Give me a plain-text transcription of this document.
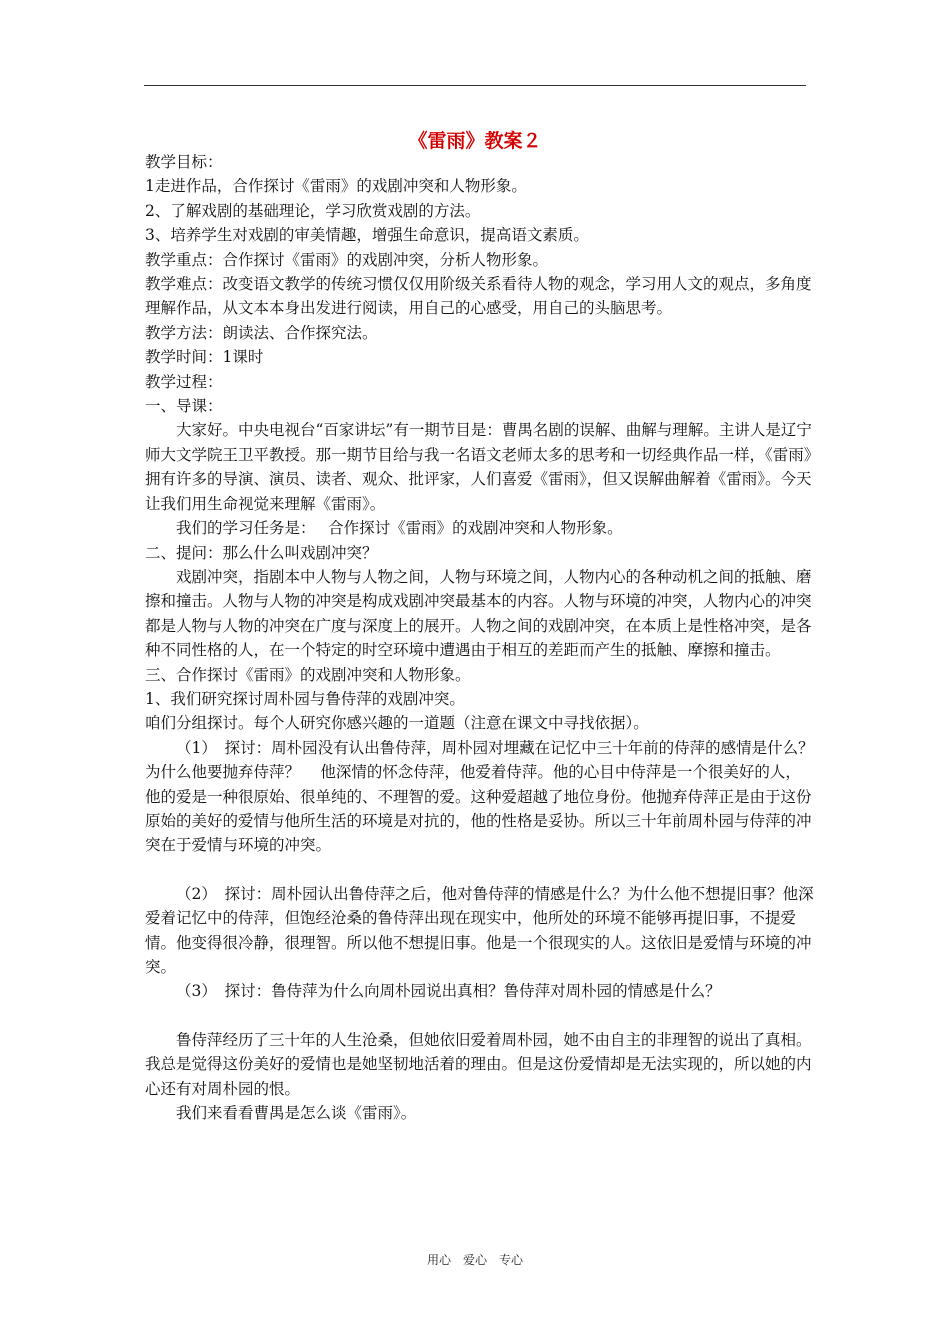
《雷雨》教案２

教学目标：

1走进作品，合作探讨《雷雨》的戏剧冲突和人物形象。

2、了解戏剧的基础理论，学习欣赏戏剧的方法。

3、培养学生对戏剧的审美情趣，增强生命意识，提高语文素质。

教学重点：合作探讨《雷雨》的戏剧冲突，分析人物形象。

教学难点：改变语文教学的传统习惯仅仅用阶级关系看待人物的观念，学习用人文的观点，多角度理解作品，从文本本身出发进行阅读，用自己的心感受，用自己的头脑思考。

教学方法：朗读法、合作探究法。

教学时间：1课时

教学过程：

一、导课：

大家好。中央电视台“百家讲坛”有一期节目是：曹禺名剧的误解、曲解与理解。主讲人是辽宁师大文学院王卫平教授。那一期节目给与我一名语文老师太多的思考和一切经典作品一样，《雷雨》拥有许多的导演、演员、读者、观众、批评家，人们喜爱《雷雨》，但又误解曲解着《雷雨》。今天让我们用生命视觉来理解《雷雨》。

我们的学习任务是：　 合作探讨《雷雨》的戏剧冲突和人物形象。

二、提问：那么什么叫戏剧冲突？

戏剧冲突，指剧本中人物与人物之间，人物与环境之间，人物内心的各种动机之间的抵触、磨擦和撞击。人物与人物的冲突是构成戏剧冲突最基本的内容。人物与环境的冲突，人物内心的冲突都是人物与人物的冲突在广度与深度上的展开。人物之间的戏剧冲突，在本质上是性格冲突，是各种不同性格的人，在一个特定的时空环境中遭遇由于相互的差距而产生的抵触、摩擦和撞击。

三、合作探讨《雷雨》的戏剧冲突和人物形象。

1、我们研究探讨周朴园与鲁侍萍的戏剧冲突。

咱们分组探讨。每个人研究你感兴趣的一道题（注意在课文中寻找依据）。

（1）　探讨：周朴园没有认出鲁侍萍，周朴园对埋藏在记忆中三十年前的侍萍的感情是什么？为什么他要抛弃侍萍？　 他深情的怀念侍萍，他爱着侍萍。他的心目中侍萍是一个很美好的人，他的爱是一种很原始、很单纯的、不理智的爱。这种爱超越了地位身份。他抛弃侍萍正是由于这份原始的美好的爱情与他所生活的环境是对抗的，他的性格是妥协。所以三十年前周朴园与侍萍的冲突在于爱情与环境的冲突。

（2）　探讨：周朴园认出鲁侍萍之后，他对鲁侍萍的情感是什么？为什么他不想提旧事？他深爱着记忆中的侍萍，但饱经沧桑的鲁侍萍出现在现实中，他所处的环境不能够再提旧事，不提爱情。他变得很冷静，很理智。所以他不想提旧事。他是一个很现实的人。这依旧是爱情与环境的冲突。

（3）　探讨：鲁侍萍为什么向周朴园说出真相？鲁侍萍对周朴园的情感是什么？

鲁侍萍经历了三十年的人生沧桑，但她依旧爱着周朴园，她不由自主的非理智的说出了真相。我总是觉得这份美好的爱情也是她坚韧地活着的理由。但是这份爱情却是无法实现的，所以她的内心还有对周朴园的恨。

我们来看看曹禺是怎么谈《雷雨》。

用心　爱心　专心
